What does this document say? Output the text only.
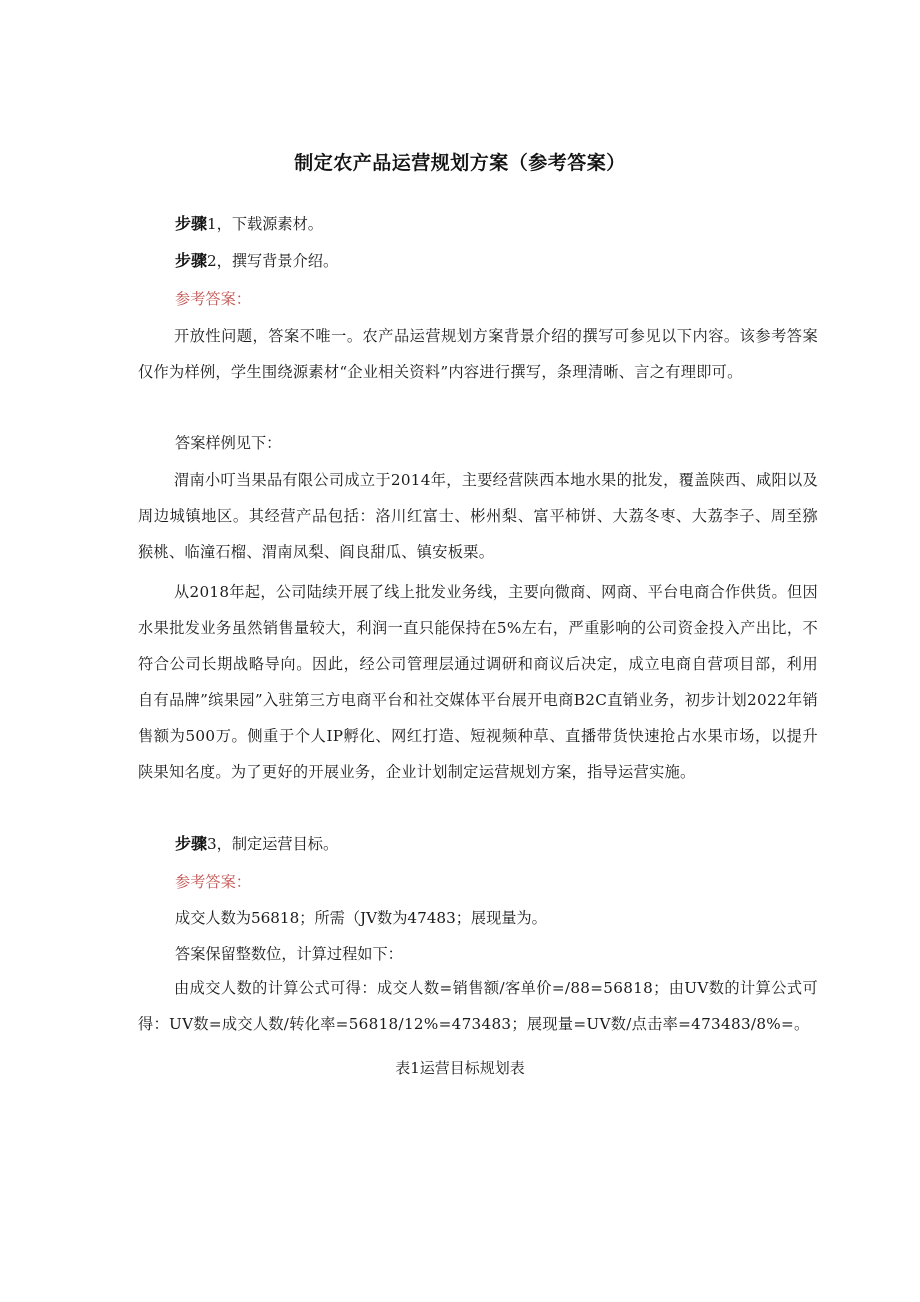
制定农产品运营规划方案（参考答案）
步骤1，下载源素材。
步骤2，撰写背景介绍。
参考答案：
开放性问题，答案不唯一。农产品运营规划方案背景介绍的撰写可参见以下内容。该参考答案仅作为样例，学生围绕源素材“企业相关资料”内容进行撰写，条理清晰、言之有理即可。
答案样例见下：
渭南小叮当果品有限公司成立于2014年，主要经营陕西本地水果的批发，覆盖陕西、咸阳以及周边城镇地区。其经营产品包括：洛川红富士、彬州梨、富平柿饼、大荔冬枣、大荔李子、周至猕猴桃、临潼石榴、渭南凤梨、阎良甜瓜、镇安板栗。
从2018年起，公司陆续开展了线上批发业务线，主要向微商、网商、平台电商合作供货。但因水果批发业务虽然销售量较大，利润一直只能保持在5%左右，严重影响的公司资金投入产出比，不符合公司长期战略导向。因此，经公司管理层通过调研和商议后决定，成立电商自营项目部，利用自有品牌”缤果园”入驻第三方电商平台和社交媒体平台展开电商B2C直销业务，初步计划2022年销售额为500万。侧重于个人IP孵化、网红打造、短视频种草、直播带货快速抢占水果市场，以提升陕果知名度。为了更好的开展业务，企业计划制定运营规划方案，指导运营实施。
步骤3，制定运营目标。
参考答案：
成交人数为56818；所需（JV数为47483；展现量为。
答案保留整数位，计算过程如下：
由成交人数的计算公式可得：成交人数=销售额/客单价=/88=56818；由UV数的计算公式可得：UV数=成交人数/转化率=56818/12%=473483；展现量=UV数/点击率=473483/8%=。
表1运营目标规划表
